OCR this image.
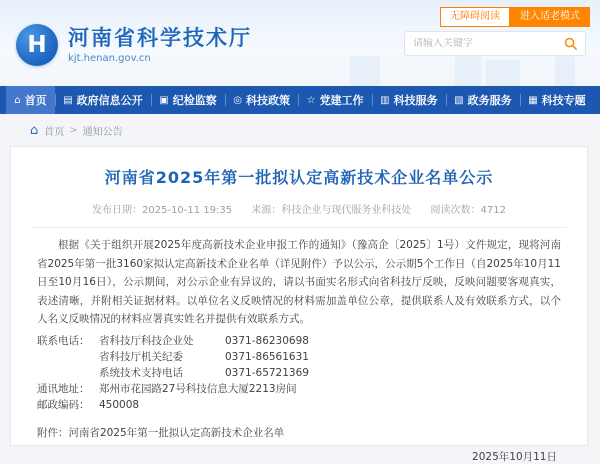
无障碍阅读	进入适老模式
H	河南省科学技术厅
kjt.henan.gov.cn
请输入关键字
⌂ 首页 ▤ 政府信息公开 ▣ 纪检监察 ◎ 科技政策 ☆ 党建工作 ▥ 科技服务 ▧ 政务服务 ▦ 科技专题
⌂ 首页 > 通知公告
河南省2025年第一批拟认定高新技术企业名单公示
发布日期：2025-10-11 19:35 来源：科技企业与现代服务业科技处 阅读次数：4712

根据《关于组织开展2025年度高新技术企业申报工作的通知》（豫高企〔2025〕1号）文件规定，现将河南省2025年第一批3160家拟认定高新技术企业名单（详见附件）予以公示，公示期5个工作日（自2025年10月11日至10月16日），公示期间，对公示企业有异议的，请以书面实名形式向省科技厅反映，反映问题要客观真实，表述清晰，并附相关证据材料。以单位名义反映情况的材料需加盖单位公章，提供联系人及有效联系方式，以个人名义反映情况的材料应署真实姓名并提供有效联系方式。

联系电话： 省科技厅科技企业处	0371-86230698
省科技厅机关纪委	0371-86561631
系统技术支持电话	0371-65721369
通讯地址： 郑州市花园路27号科技信息大厦2213房间
邮政编码： 450008
附件：河南省2025年第一批拟认定高新技术企业名单
2025年10月11日
